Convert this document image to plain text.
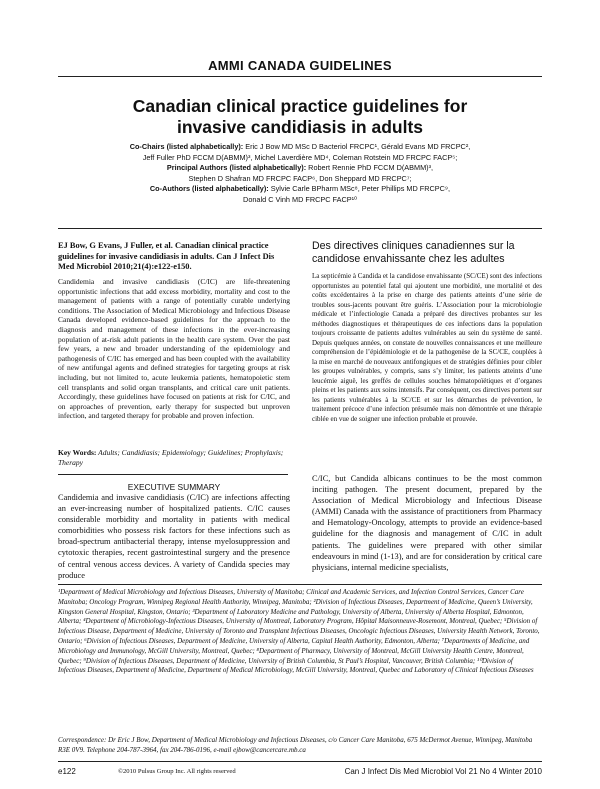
AMMI CANADA GUIDELINES
Canadian clinical practice guidelines for
invasive candidiasis in adults
Co-Chairs (listed alphabetically): Eric J Bow MD MSc D Bacteriol FRCPC¹, Gérald Evans MD FRCPC²,
Jeff Fuller PhD FCCM D(ABMM)³, Michel Laverdière MD⁴, Coleman Rotstein MD FRCPC FACP⁵;
Principal Authors (listed alphabetically): Robert Rennie PhD FCCM D(ABMM)³,
Stephen D Shafran MD FRCPC FACP⁶, Don Sheppard MD FRCPC⁷;
Co-Authors (listed alphabetically): Sylvie Carle BPharm MSc⁸, Peter Phillips MD FRCPC⁹,
Donald C Vinh MD FRCPC FACP¹⁰
EJ Bow, G Evans, J Fuller, et al. Canadian clinical practice guidelines for invasive candidiasis in adults. Can J Infect Dis Med Microbiol 2010;21(4):e122-e150.
Candidemia and invasive candidiasis (C/IC) are life-threatening opportunistic infections that add excess morbidity, mortality and cost to the management of patients with a range of potentially curable underlying conditions. The Association of Medical Microbiology and Infectious Disease Canada developed evidence-based guidelines for the approach to the diagnosis and management of these infections in the ever-increasing population of at-risk adult patients in the health care system. Over the past few years, a new and broader understanding of the epidemiology and pathogenesis of C/IC has emerged and has been coupled with the availability of new antifungal agents and defined strategies for targeting groups at risk including, but not limited to, acute leukemia patients, hematopoietic stem cell transplants and solid organ transplants, and critical care unit patients. Accordingly, these guidelines have focused on patients at risk for C/IC, and on approaches of prevention, early therapy for suspected but unproven infection, and targeted therapy for probable and proven infection.
Key Words: Adults; Candidiasis; Epidemiology; Guidelines; Prophylaxis; Therapy
Des directives cliniques canadiennes sur la candidose envahissante chez les adultes
La septicémie à Candida et la candidose envahissante (SC/CE) sont des infections opportunistes au potentiel fatal qui ajoutent une morbidité, une mortalité et des coûts excédentaires à la prise en charge des patients atteints d’une série de troubles sous-jacents pouvant être guéris. L’Association pour la microbiologie médicale et l’infectiologie Canada a préparé des directives probantes sur les méthodes diagnostiques et thérapeutiques de ces infections dans la population toujours croissante de patients adultes vulnérables au sein du système de santé. Depuis quelques années, on constate de nouvelles connaissances et une meilleure compréhension de l’épidémiologie et de la pathogenèse de la SC/CE, couplées à la mise en marché de nouveaux antifongiques et de stratégies définies pour cibler les groupes vulnérables, y compris, sans s’y limiter, les patients atteints d’une leucémie aiguë, les greffés de cellules souches hématopoïétiques et d’organes pleins et les patients aux soins intensifs. Par conséquent, ces directives portent sur les patients vulnérables à la SC/CE et sur les démarches de prévention, le traitement précoce d’une infection présumée mais non démontrée et une thérapie ciblée en vue de soigner une infection probable et prouvée.
EXECUTIVE SUMMARY
Candidemia and invasive candidiasis (C/IC) are infections affecting an ever-increasing number of hospitalized patients. C/IC causes considerable morbidity and mortality in patients with medical comorbidities who possess risk factors for these infections such as broad-spectrum antibacterial therapy, intense myelosuppression and cytotoxic therapies, recent gastrointestinal surgery and the presence of central venous access devices. A variety of Candida species may produce
C/IC, but Candida albicans continues to be the most common inciting pathogen. The present document, prepared by the Association of Medical Microbiology and Infectious Disease (AMMI) Canada with the assistance of practitioners from Pharmacy and Hematology-Oncology, attempts to provide an evidence-based guideline for the diagnosis and management of C/IC in adult patients. The guidelines were prepared with other similar endeavours in mind (1-13), and are for consideration by critical care physicians, internal medicine specialists,
¹Department of Medical Microbiology and Infectious Diseases, University of Manitoba; Clinical and Academic Services, and Infection Control Services, Cancer Care Manitoba; Oncology Program, Winnipeg Regional Health Authority, Winnipeg, Manitoba; ²Division of Infectious Diseases, Department of Medicine, Queen’s University, Kingston General Hospital, Kingston, Ontario; ³Department of Laboratory Medicine and Pathology, University of Alberta, University of Alberta Hospital, Edmonton, Alberta; ⁴Department of Microbiology-Infectious Diseases, University of Montreal, Laboratory Program, Hôpital Maisonneuve-Rosemont, Montreal, Quebec; ⁵Division of Infectious Disease, Department of Medicine, University of Toronto and Transplant Infectious Diseases, Oncologic Infectious Diseases, University Health Network, Toronto, Ontario; ⁶Division of Infectious Diseases, Department of Medicine, University of Alberta, Capital Health Authority, Edmonton, Alberta; ⁷Departments of Medicine, and Microbiology and Immunology, McGill University, Montreal, Quebec; ⁸Department of Pharmacy, University of Montreal, McGill University Health Centre, Montreal, Quebec; ⁹Division of Infectious Diseases, Department of Medicine, University of British Columbia, St Paul’s Hospital, Vancouver, British Columbia; ¹⁰Division of Infectious Diseases, Department of Medicine, Department of Medical Microbiology, McGill University, Montreal, Quebec and Laboratory of Clinical Infectious Diseases
Correspondence: Dr Eric J Bow, Department of Medical Microbiology and Infectious Diseases, c/o Cancer Care Manitoba, 675 McDermot Avenue, Winnipeg, Manitoba R3E 0V9. Telephone 204-787-3964, fax 204-786-0196, e-mail ejbow@cancercare.mb.ca
e122	©2010 Pulsus Group Inc. All rights reserved	Can J Infect Dis Med Microbiol Vol 21 No 4 Winter 2010
